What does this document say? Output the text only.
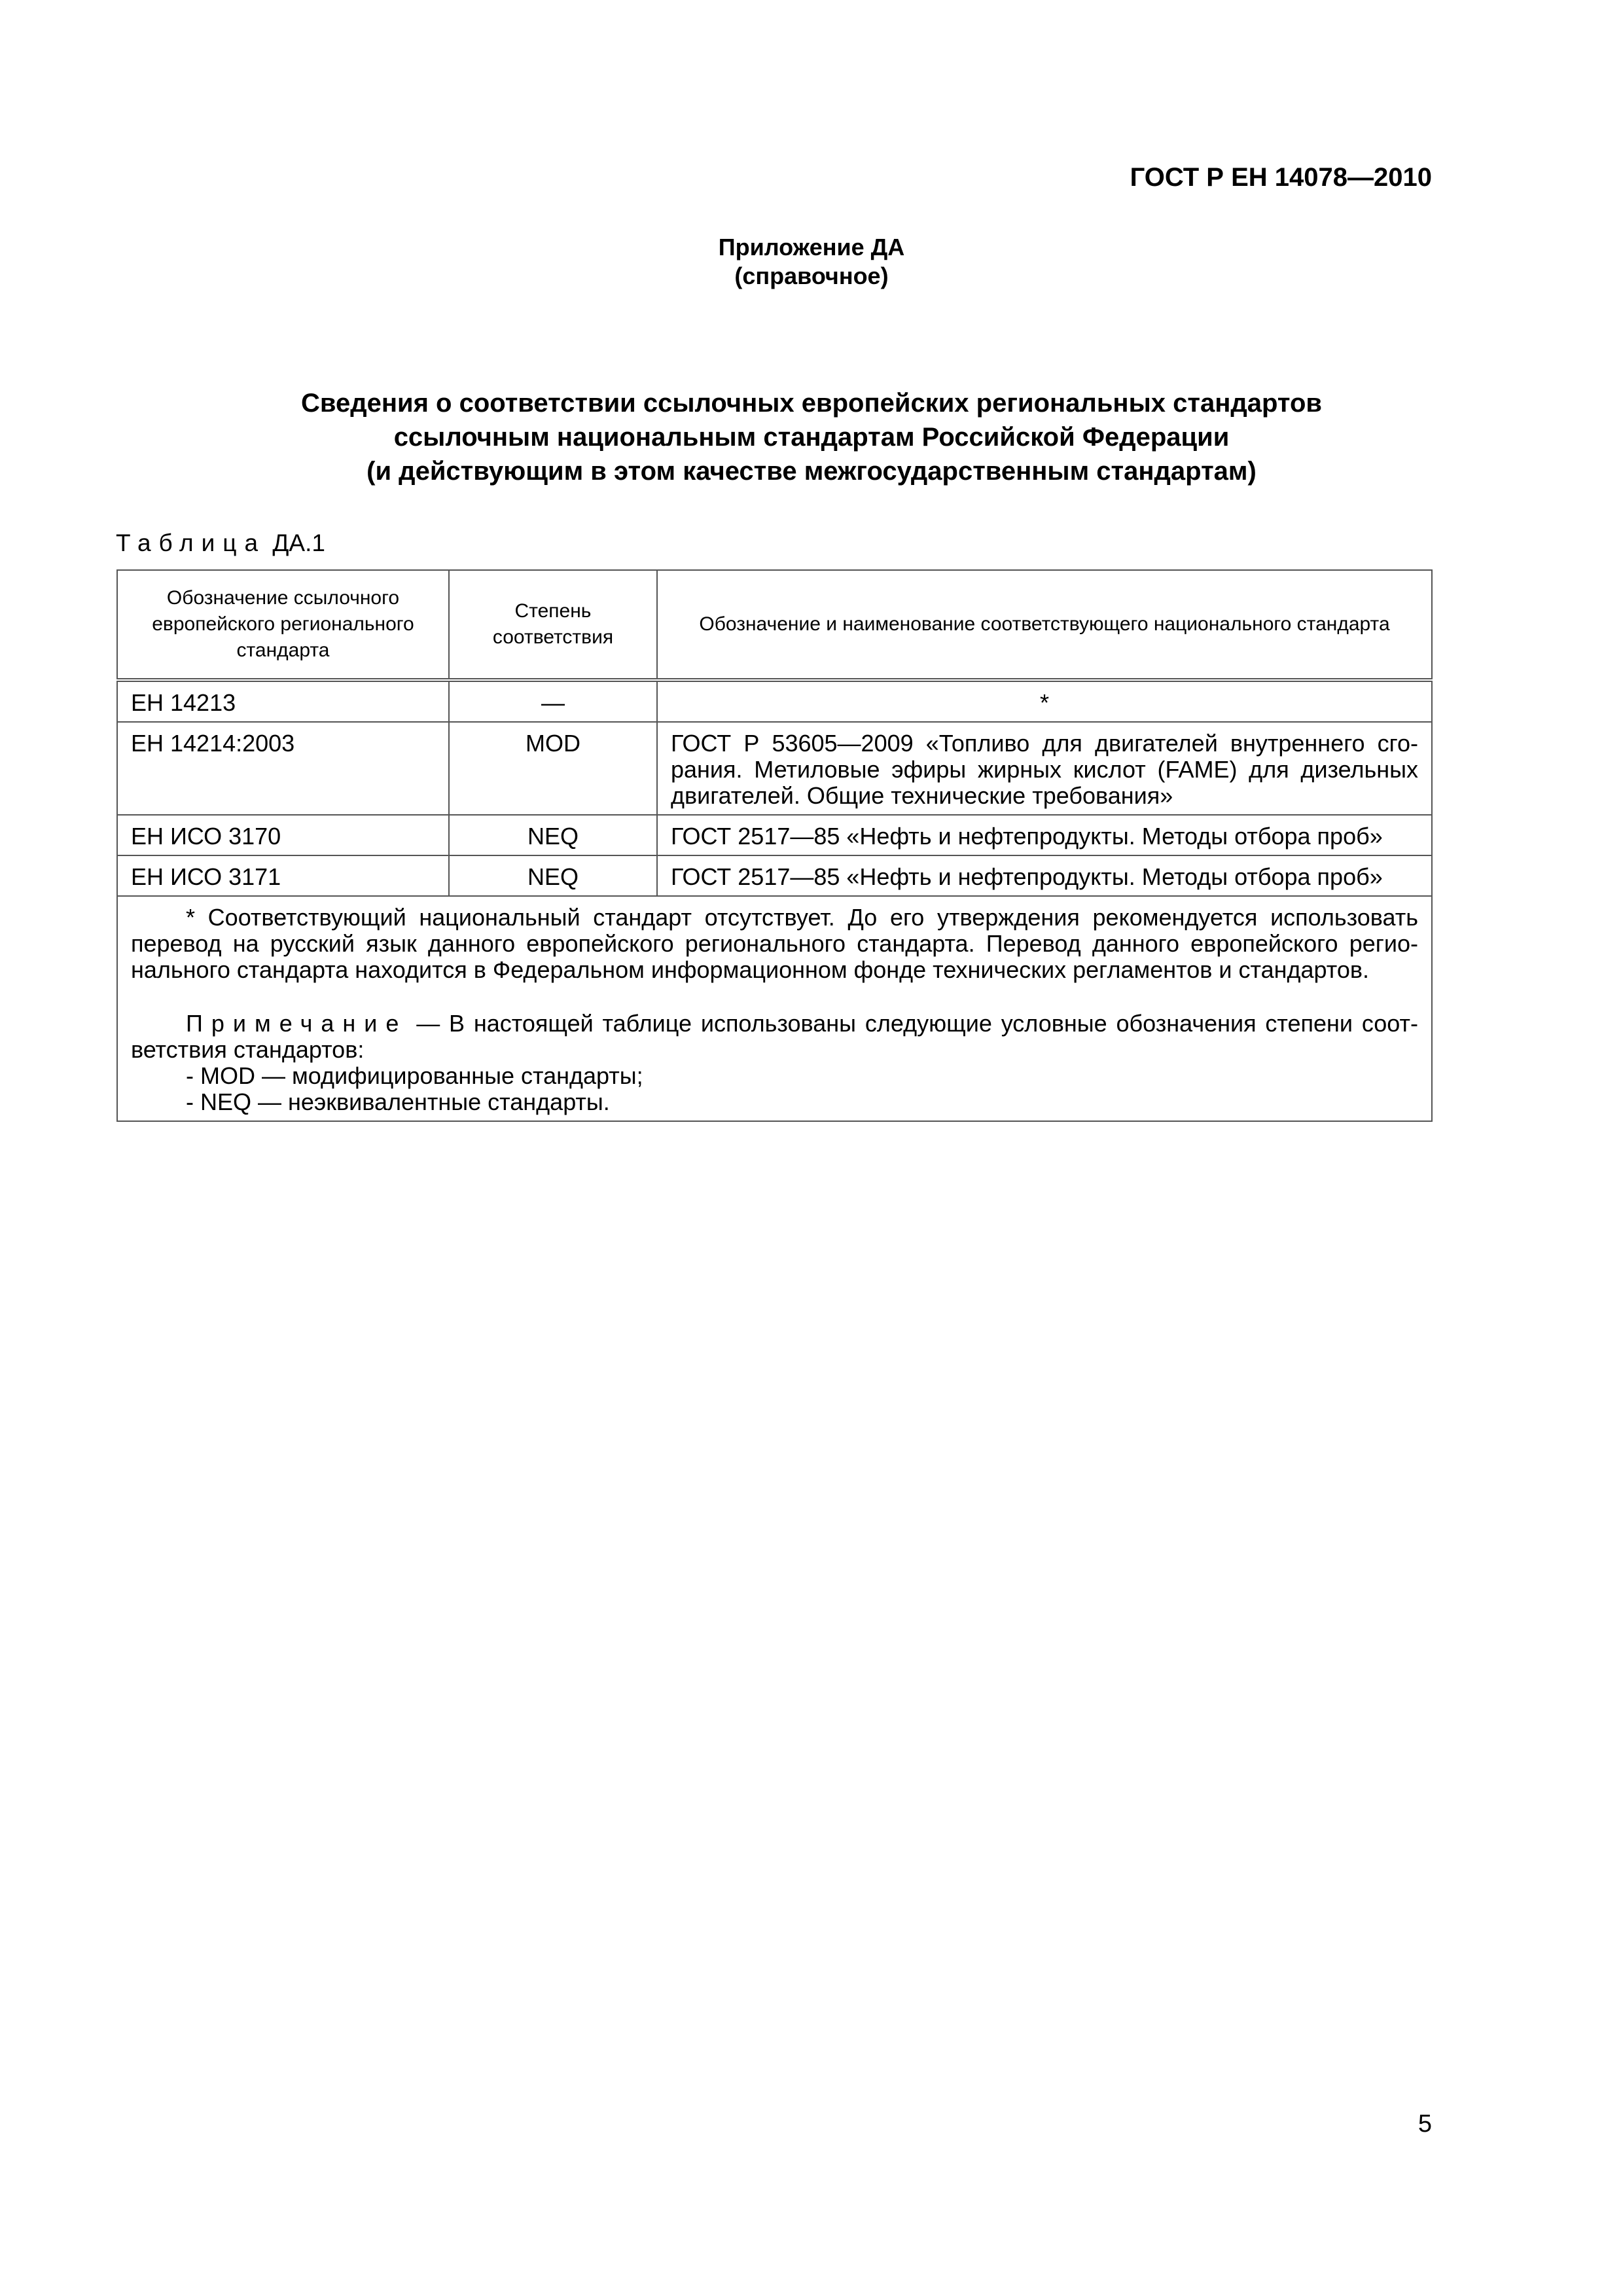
ГОСТ Р ЕН 14078—2010
Приложение ДА
(справочное)
Сведения о соответствии ссылочных европейских региональных стандартов
ссылочным национальным стандартам Российской Федерации
(и действующим в этом качестве межгосударственным стандартам)
Таблица ДА.1
Обозначение ссылочного европейского регионального стандарта	Степень соответствия	Обозначение и наименование соответствующего национального стандарта
ЕН 14213	—	*
ЕН 14214:2003	MOD	ГОСТ Р 53605—2009 «Топливо для двигателей внутреннего сго-рания. Метиловые эфиры жирных кислот (FAME) для дизельных двигателей. Общие технические требования»
ЕН ИСО 3170	NEQ	ГОСТ 2517—85 «Нефть и нефтепродукты. Методы отбора проб»
ЕН ИСО 3171	NEQ	ГОСТ 2517—85 «Нефть и нефтепродукты. Методы отбора проб»

* Соответствующий национальный стандарт отсутствует. До его утверждения рекомендуется использовать перевод на русский язык данного европейского регионального стандарта. Перевод данного европейского регио-нального стандарта находится в Федеральном информационном фонде технических регламентов и стандартов.
Примечание — В настоящей таблице использованы следующие условные обозначения степени соот-ветствия стандартов:
- MOD — модифицированные стандарты;
- NEQ — неэквивалентные стандарты.		
5
